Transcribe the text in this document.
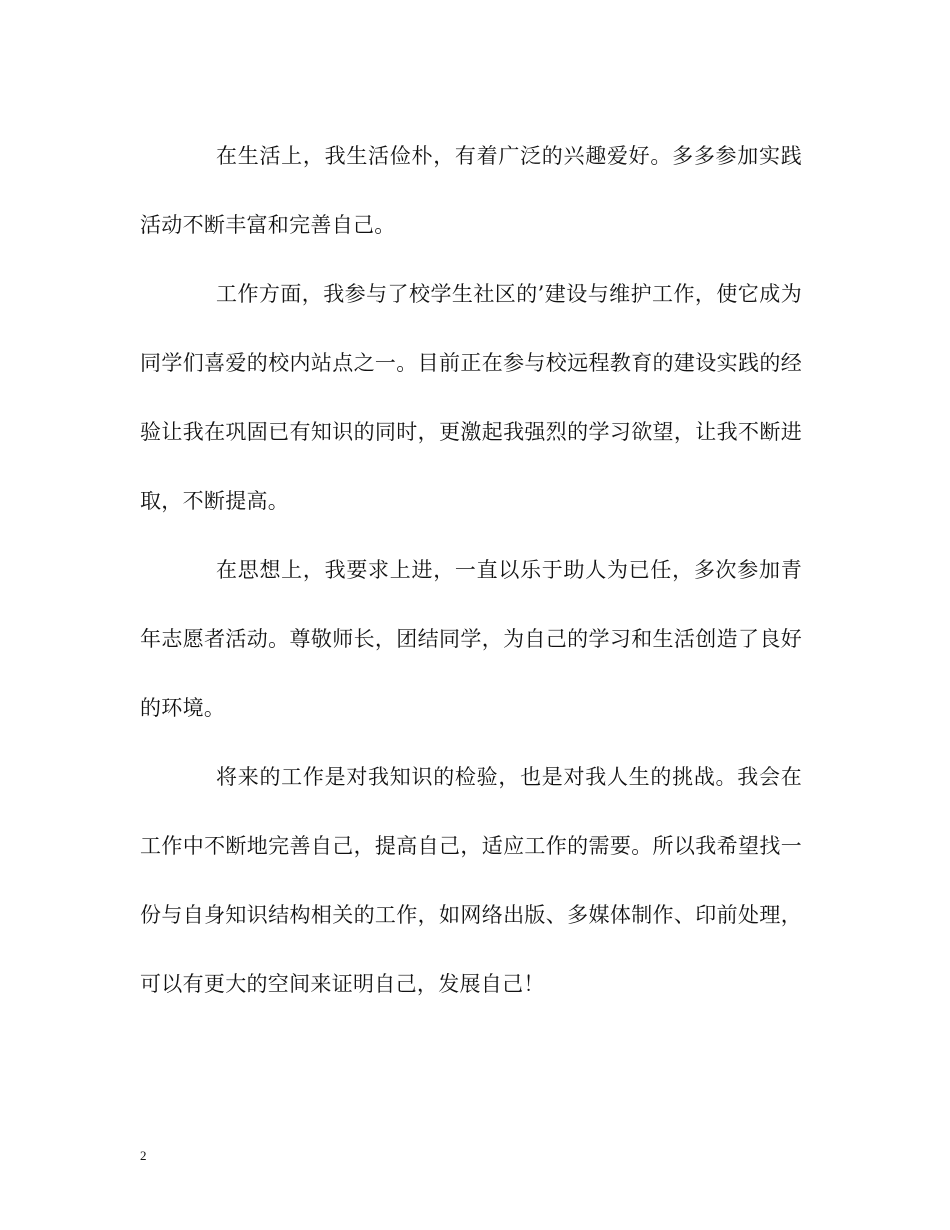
在生活上，我生活俭朴，有着广泛的兴趣爱好。多多参加实践活动不断丰富和完善自己。

工作方面，我参与了校学生社区的’建设与维护工作，使它成为同学们喜爱的校内站点之一。目前正在参与校远程教育的建设实践的经验让我在巩固已有知识的同时，更激起我强烈的学习欲望，让我不断进取，不断提高。

在思想上，我要求上进，一直以乐于助人为已任，多次参加青年志愿者活动。尊敬师长，团结同学，为自己的学习和生活创造了良好的环境。

将来的工作是对我知识的检验，也是对我人生的挑战。我会在工作中不断地完善自己，提高自己，适应工作的需要。所以我希望找一份与自身知识结构相关的工作，如网络出版、多媒体制作、印前处理，可以有更大的空间来证明自己，发展自己！

2
